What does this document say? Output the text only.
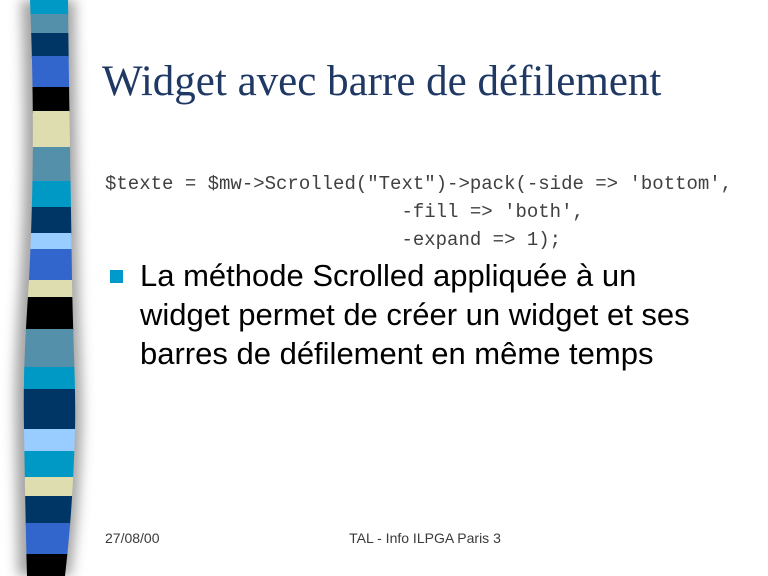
Widget avec barre de défilement
$texte = $mw->Scrolled("Text")->pack(-side => 'bottom',
-fill => 'both',
-expand => 1);
La méthode Scrolled appliquée à un
widget permet de créer un widget et ses
barres de défilement en même temps
27/08/00	TAL - Info ILPGA Paris 3
